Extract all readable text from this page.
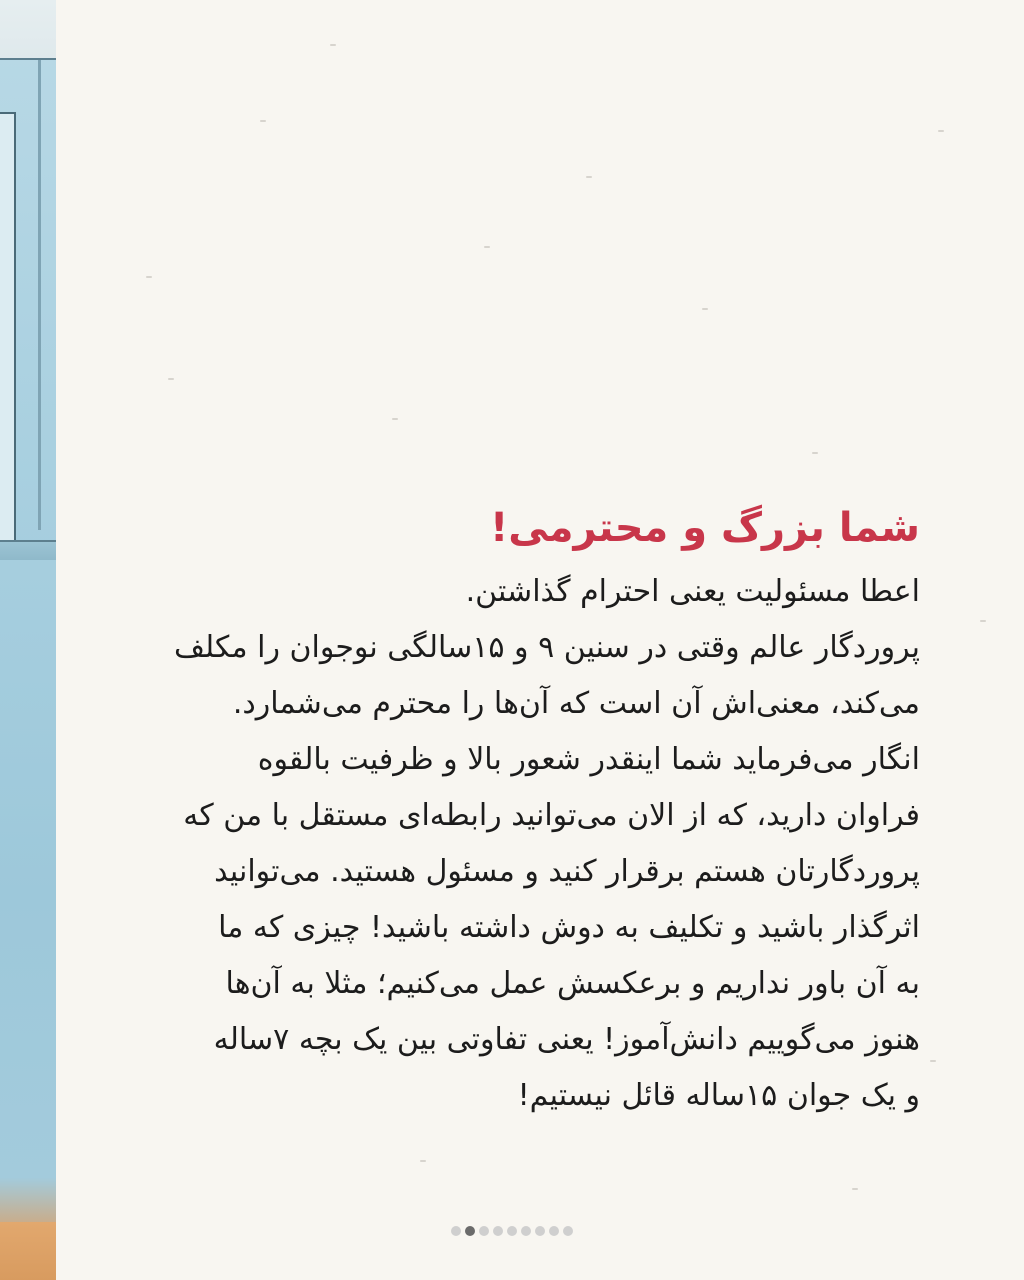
شما بزرگ و محترمی!
اعطا مسئولیت یعنی احترام گذاشتن.
پروردگار عالم وقتی در سنین ۹ و ۱۵سالگی نوجوان را مکلف
می‌کند، معنی‌اش آن است که آن‌ها را محترم می‌شمارد.
انگار می‌فرماید شما اینقدر شعور بالا و ظرفیت بالقوه
فراوان دارید، که از الان می‌توانید رابطه‌ای مستقل با من که
پروردگارتان هستم برقرار کنید و مسئول هستید. می‌توانید
اثرگذار باشید و تکلیف به دوش داشته باشید! چیزی که ما
به آن باور نداریم و برعکسش عمل می‌کنیم؛ مثلا به آن‌ها
هنوز می‌گوییم دانش‌آموز! یعنی تفاوتی بین یک بچه ۷ساله
و یک جوان ۱۵ساله قائل نیستیم!
